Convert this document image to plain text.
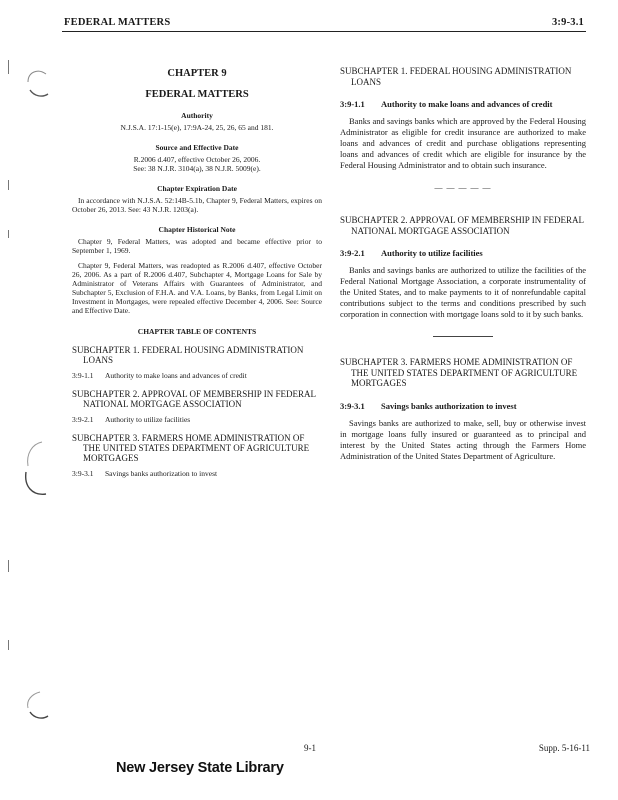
FEDERAL MATTERS	3:9-3.1
CHAPTER 9
FEDERAL MATTERS
Authority
N.J.S.A. 17:1-15(e), 17:9A-24, 25, 26, 65 and 181.
Source and Effective Date
R.2006 d.407, effective October 26, 2006.
See: 38 N.J.R. 3104(a), 38 N.J.R. 5009(e).
Chapter Expiration Date
In accordance with N.J.S.A. 52:14B-5.1b, Chapter 9, Federal Matters, expires on October 26, 2013. See: 43 N.J.R. 1203(a).
Chapter Historical Note
Chapter 9, Federal Matters, was adopted and became effective prior to September 1, 1969.
Chapter 9, Federal Matters, was readopted as R.2006 d.407, effective October 26, 2006. As a part of R.2006 d.407, Subchapter 4, Mortgage Loans for Sale by Administrator of Veterans Affairs with Guarantees of Administrator, and Subchapter 5, Exclusion of F.H.A. and V.A. Loans, by Banks, from Legal Limit on Investment in Mortgages, were repealed effective December 4, 2006. See: Source and Effective Date.
CHAPTER TABLE OF CONTENTS
SUBCHAPTER 1. FEDERAL HOUSING ADMINISTRATION LOANS
3:9-1.1 Authority to make loans and advances of credit
SUBCHAPTER 2. APPROVAL OF MEMBERSHIP IN FEDERAL NATIONAL MORTGAGE ASSOCIATION
3:9-2.1 Authority to utilize facilities
SUBCHAPTER 3. FARMERS HOME ADMINISTRATION OF THE UNITED STATES DEPARTMENT OF AGRICULTURE MORTGAGES
3:9-3.1 Savings banks authorization to invest
SUBCHAPTER 1. FEDERAL HOUSING ADMINISTRATION LOANS
3:9-1.1 Authority to make loans and advances of credit
Banks and savings banks which are approved by the Federal Housing Administrator as eligible for credit insurance are authorized to make loans and advances of credit and purchase obligations representing loans and advances of credit which are eligible for insurance by the Federal Housing Administrator and to obtain such insurance.
— — — — —
SUBCHAPTER 2. APPROVAL OF MEMBERSHIP IN FEDERAL NATIONAL MORTGAGE ASSOCIATION
3:9-2.1 Authority to utilize facilities
Banks and savings banks are authorized to utilize the facilities of the Federal National Mortgage Association, a corporate instrumentality of the United States, and to make payments to it of nonrefundable capital contributions subject to the terms and conditions prescribed by such corporation in connection with mortgage loans sold to it by such banks.
SUBCHAPTER 3. FARMERS HOME ADMINISTRATION OF THE UNITED STATES DEPARTMENT OF AGRICULTURE MORTGAGES
3:9-3.1 Savings banks authorization to invest
Savings banks are authorized to make, sell, buy or otherwise invest in mortgage loans fully insured or guaranteed as to principal and interest by the United States acting through the Farmers Home Administration of the United States Department of Agriculture.
9-1	Supp. 5-16-11
New Jersey State Library
